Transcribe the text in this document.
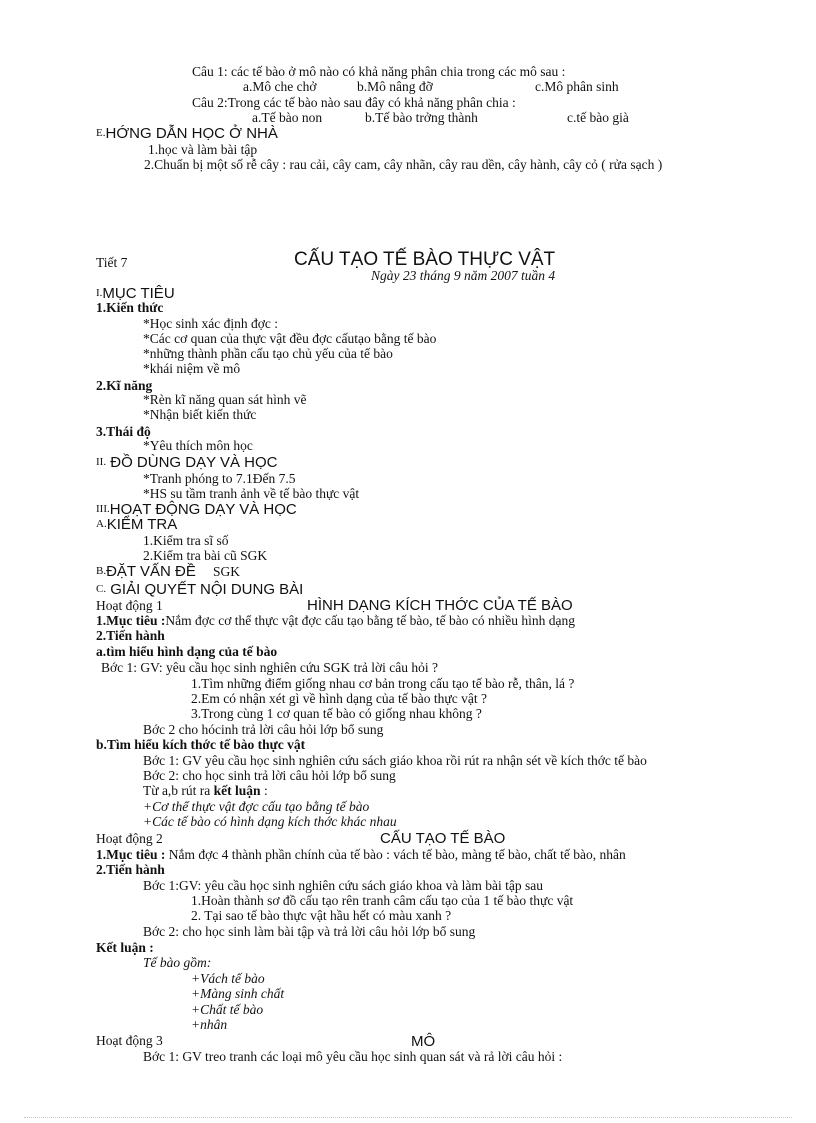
Câu 1: các tế bào ở mô nào có khả năng phân chia trong các mô sau :
a.Mô che chở	b.Mô nâng đỡ	c.Mô phân sinh
Câu 2:Trong các tế bào nào sau đây có khả năng phân chia :
a.Tế bào non	b.Tế bào trởng thành	c.tế bào già
$^{E.}$HỚNG DẪN HỌC Ở NHÀ
1.học và làm bài tập
2.Chuẩn bị một số rễ cây : rau cải, cây cam, cây nhãn, cây rau dền, cây hành, cây cỏ ( rửa sạch )
Tiết 7	CẤU TẠO TẾ BÀO THỰC VẬT
Ngày 23 tháng 9 năm 2007 tuần 4
$^{I.}$MỤC TIÊU
1.Kiến thức
*Học sinh xác định đợc :
*Các cơ quan của thực vật đều đợc cấutạo bằng tế bào
*những thành phần cấu tạo chủ yếu của tế bào
*khái niệm về mô
2.Kĩ năng
*Rèn kĩ năng quan sát hình vẽ
*Nhận biết kiến thức
3.Thái độ
*Yêu thích môn học
$^{II.}$ ĐỒ DÙNG DẠY VÀ HỌC
*Tranh phóng to 7.1Đến 7.5
*HS su tầm tranh ảnh về tế bào thực vật
$^{III.}$HOẠT ĐỘNG DẠY VÀ HỌC
$^{A.}$KIỂM TRA
1.Kiểm tra sĩ số
2.Kiểm tra bài cũ SGK
$^{B.}$ĐẶT VẤN ĐỀ SGK
$^{C.}$ GIẢI QUYẾT NỘI DUNG BÀI
Hoạt động 1	HÌNH DẠNG KÍCH THỚC CỦA TẾ BÀO
1.Mục tiêu :Nắm đợc cơ thể thực vật đợc cấu tạo bằng tế bào, tế bào có nhiều hình dạng
2.Tiến hành
a.tìm hiểu hình dạng của tế bào
Bớc 1: GV: yêu cầu học sinh nghiên cứu SGK trả lời câu hỏi ?
1.Tìm những điểm giống nhau cơ bản trong cấu tạo tế bào rễ, thân, lá ?
2.Em có nhận xét gì về hình dạng của tế bào thực vật ?
3.Trong cùng 1 cơ quan tế bào có giống nhau không ?
Bớc 2 cho hócinh trả lời câu hỏi lớp bổ sung
b.Tìm hiểu kích thớc tế bào thực vật
Bớc 1: GV yêu cầu học sinh nghiên cứu sách giáo khoa rồi rút ra nhận sét về kích thớc tế bào
Bớc 2: cho học sinh trả lời câu hỏi lớp bổ sung
Từ a,b rút ra kết luận :
+Cơ thể thực vật đợc cấu tạo bằng tế bào
+Các tế bào có hình dạng kích thớc khác nhau
Hoạt động 2	CẤU TẠO TẾ BÀO
1.Mục tiêu : Nắm đợc 4 thành phần chính của tế bào : vách tế bào, màng tế bào, chất tế bào, nhân
2.Tiến hành
Bớc 1:GV: yêu cầu học sinh nghiên cứu sách giáo khoa và làm bài tập sau
1.Hoàn thành sơ đồ cấu tạo rên tranh câm cấu tạo của 1 tế bào thực vật
2. Tại sao tế bào thực vật hầu hết có màu xanh ?
Bớc 2: cho học sinh làm bài tập và trả lời câu hỏi lớp bổ sung
Kết luận :
Tế bào gồm:
+Vách tế bào
+Màng sinh chất
+Chất tế bào
+nhân
Hoạt động 3	MÔ
Bớc 1: GV treo tranh các loại mô yêu cầu học sinh quan sát và rả lời câu hỏi :
